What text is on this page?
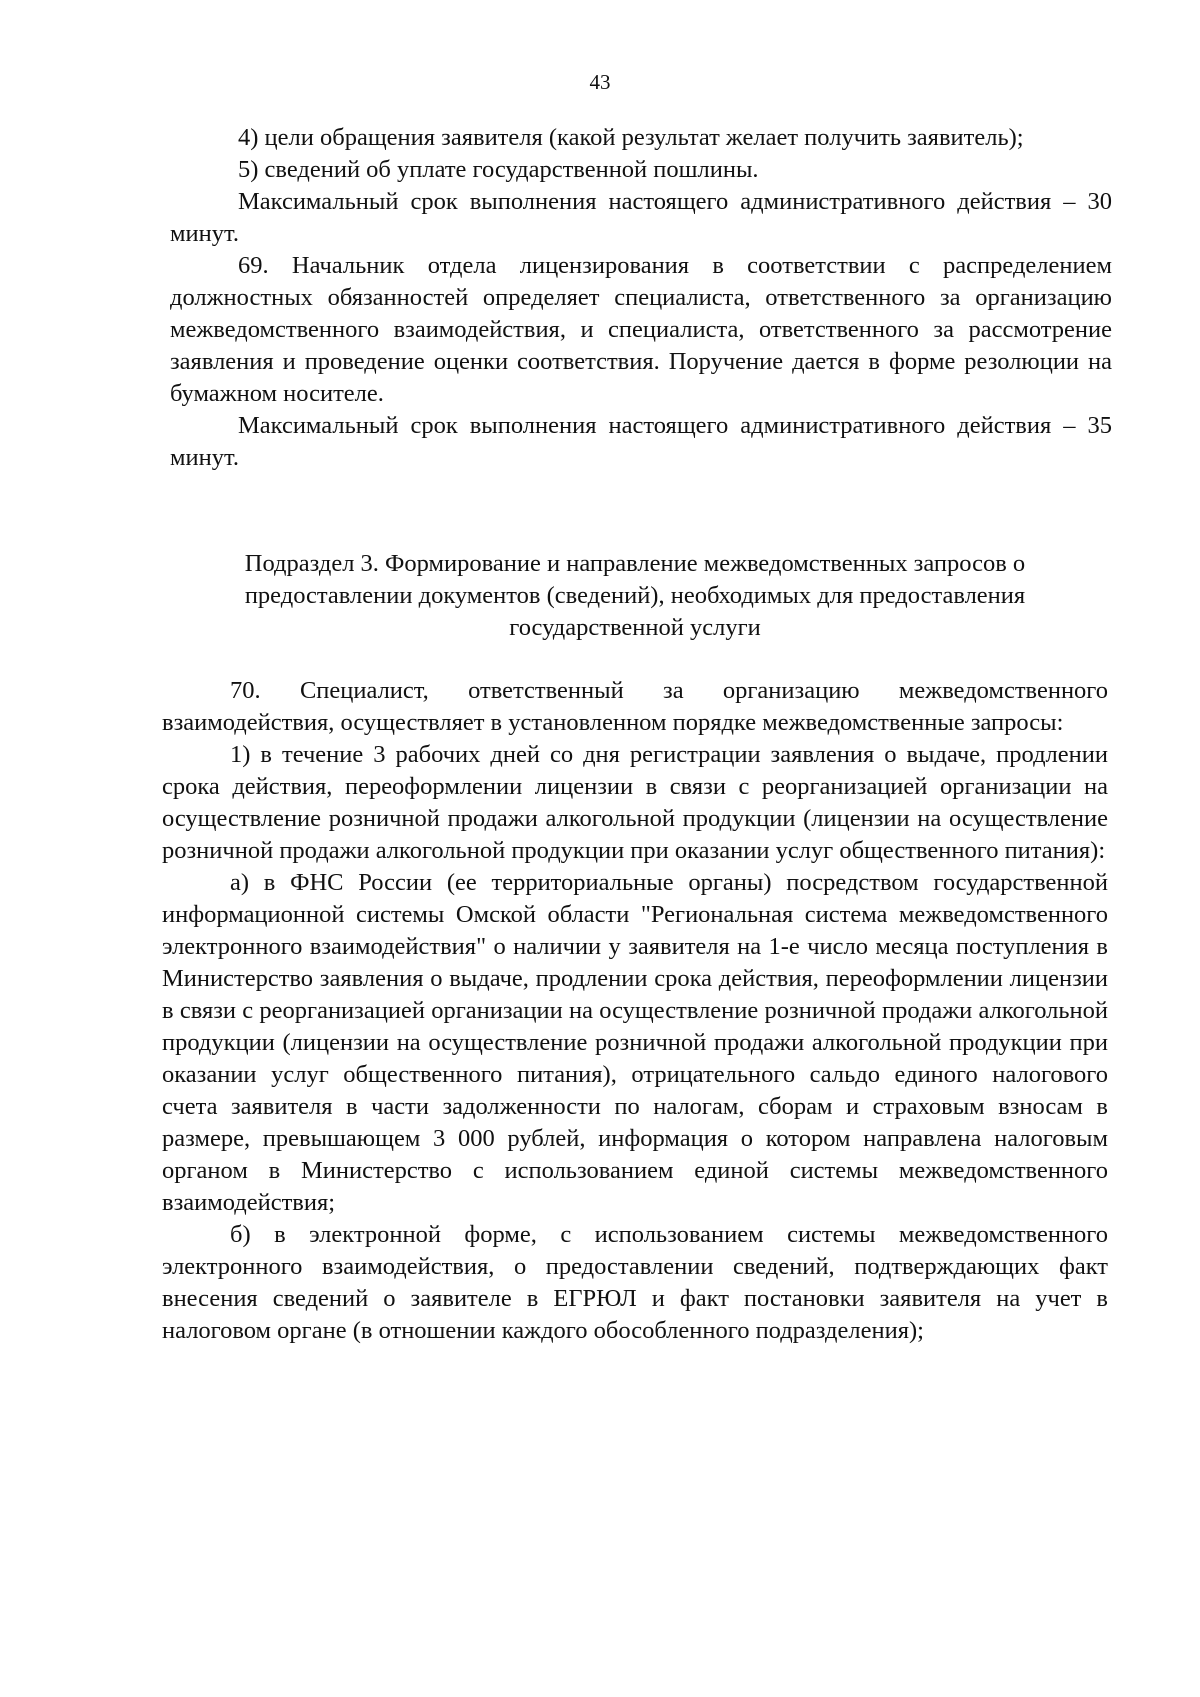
43

4) цели обращения заявителя (какой результат желает получить заявитель);

5) сведений об уплате государственной пошлины.

Максимальный срок выполнения настоящего административного действия – 30 минут.

69. Начальник отдела лицензирования в соответствии с распределением должностных обязанностей определяет специалиста, ответственного за организацию межведомственного взаимодействия, и специалиста, ответственного за рассмотрение заявления и проведение оценки соответствия. Поручение дается в форме резолюции на бумажном носителе.

Максимальный срок выполнения настоящего административного действия – 35 минут.

Подраздел 3. Формирование и направление межведомственных запросов о
предоставлении документов (сведений), необходимых для предоставления
государственной услуги

70. Специалист, ответственный за организацию межведомственного взаимодействия, осуществляет в установленном порядке межведомственные запросы:

1) в течение 3 рабочих дней со дня регистрации заявления о выдаче, продлении срока действия, переоформлении лицензии в связи с реорганизацией организации на осуществление розничной продажи алкогольной продукции (лицензии на осуществление розничной продажи алкогольной продукции при оказании услуг общественного питания):

а) в ФНС России (ее территориальные органы) посредством государственной информационной системы Омской области "Региональная система межведомственного электронного взаимодействия" о наличии у заявителя на 1-е число месяца поступления в Министерство заявления о выдаче, продлении срока действия, переоформлении лицензии в связи с реорганизацией организации на осуществление розничной продажи алкогольной продукции (лицензии на осуществление розничной продажи алкогольной продукции при оказании услуг общественного питания), отрицательного сальдо единого налогового счета заявителя в части задолженности по налогам, сборам и страховым взносам в размере, превышающем 3 000 рублей, информация о котором направлена налоговым органом в Министерство с использованием единой системы межведомственного взаимодействия;

б) в электронной форме, с использованием системы межведомственного электронного взаимодействия, о предоставлении сведений, подтверждающих факт внесения сведений о заявителе в ЕГРЮЛ и факт постановки заявителя на учет в налоговом органе (в отношении каждого обособленного подразделения);
